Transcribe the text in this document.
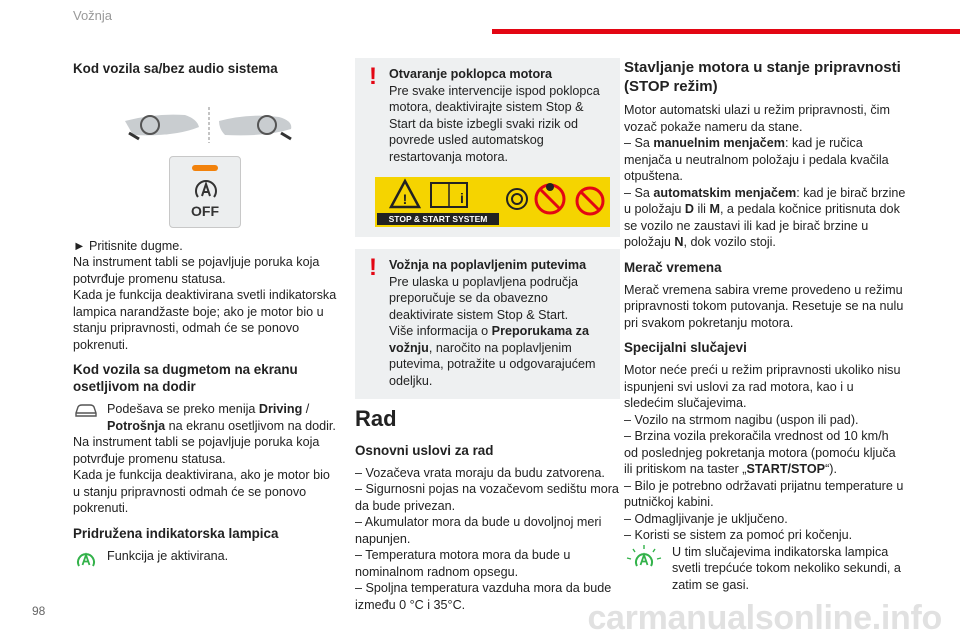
Vožnja
Kod vozila sa/bez audio sistema
OFF

► Pritisnite dugme.

Na instrument tabli se pojavljuje poruka koja potvrđuje promenu statusa.

Kada je funkcija deaktivirana svetli indikatorska lampica narandžaste boje; ako je motor bio u stanju pripravnosti, odmah će se ponovo pokrenuti.

Kod vozila sa dugmetom na ekranu osetljivom na dodir
Podešava se preko menija Driving / Potrošnja na ekranu osetljivom na dodir.

Na instrument tabli se pojavljuje poruka koja potvrđuje promenu statusa.

Kada je funkcija deaktivirana, ako je motor bio u stanju pripravnosti odmah će se ponovo pokrenuti.

Pridružena indikatorska lampica
Funkcija je aktivirana.
! Otvaranje poklopca motora
Pre svake intervencije ispod poklopca motora, deaktivirajte sistem Stop & Start da biste izbegli svaki rizik od povrede usled automatskog restartovanja motora.
!	i
STOP & START SYSTEM
! Vožnja na poplavljenim putevima
Pre ulaska u poplavljena područja preporučuje se da obavezno deaktivirate sistem Stop & Start.
Više informacija o Preporukama za vožnju, naročito na poplavljenim putevima, potražite u odgovarajućem odeljku.
Rad
Osnovni uslovi za rad
– Vozačeva vrata moraju da budu zatvorena.
– Sigurnosni pojas na vozačevom sedištu mora da bude privezan.
– Akumulator mora da bude u dovoljnoj meri napunjen.
– Temperatura motora mora da bude u nominalnom radnom opsegu.
– Spoljna temperatura vazduha mora da bude između 0 °C i 35°C.
Stavljanje motora u stanje pripravnosti (STOP režim)

Motor automatski ulazi u režim pripravnosti, čim vozač pokaže nameru da stane.

– Sa manuelnim menjačem: kad je ručica menjača u neutralnom položaju i pedala kvačila otpuštena.
– Sa automatskim menjačem: kad je birač brzine u položaju D ili M, a pedala kočnice pritisnuta dok se vozilo ne zaustavi ili kad je birač brzine u položaju N, dok vozilo stoji.
Merač vremena

Merač vremena sabira vreme provedeno u režimu pripravnosti tokom putovanja. Resetuje se na nulu pri svakom pokretanju motora.

Specijalni slučajevi

Motor neće preći u režim pripravnosti ukoliko nisu ispunjeni svi uslovi za rad motora, kao i u sledećim slučajevima.

– Vozilo na strmom nagibu (uspon ili pad).
– Brzina vozila prekoračila vrednost od 10 km/h od poslednjeg pokretanja motora (pomoću ključa ili pritiskom na taster „START/STOP“).
– Bilo je potrebno održavati prijatnu temperature u putničkoj kabini.
– Odmagljivanje je uključeno.
– Koristi se sistem za pomoć pri kočenju.
U tim slučajevima indikatorska lampica svetli trepćuće tokom nekoliko sekundi, a zatim se gasi.
98	carmanualsonline.info
